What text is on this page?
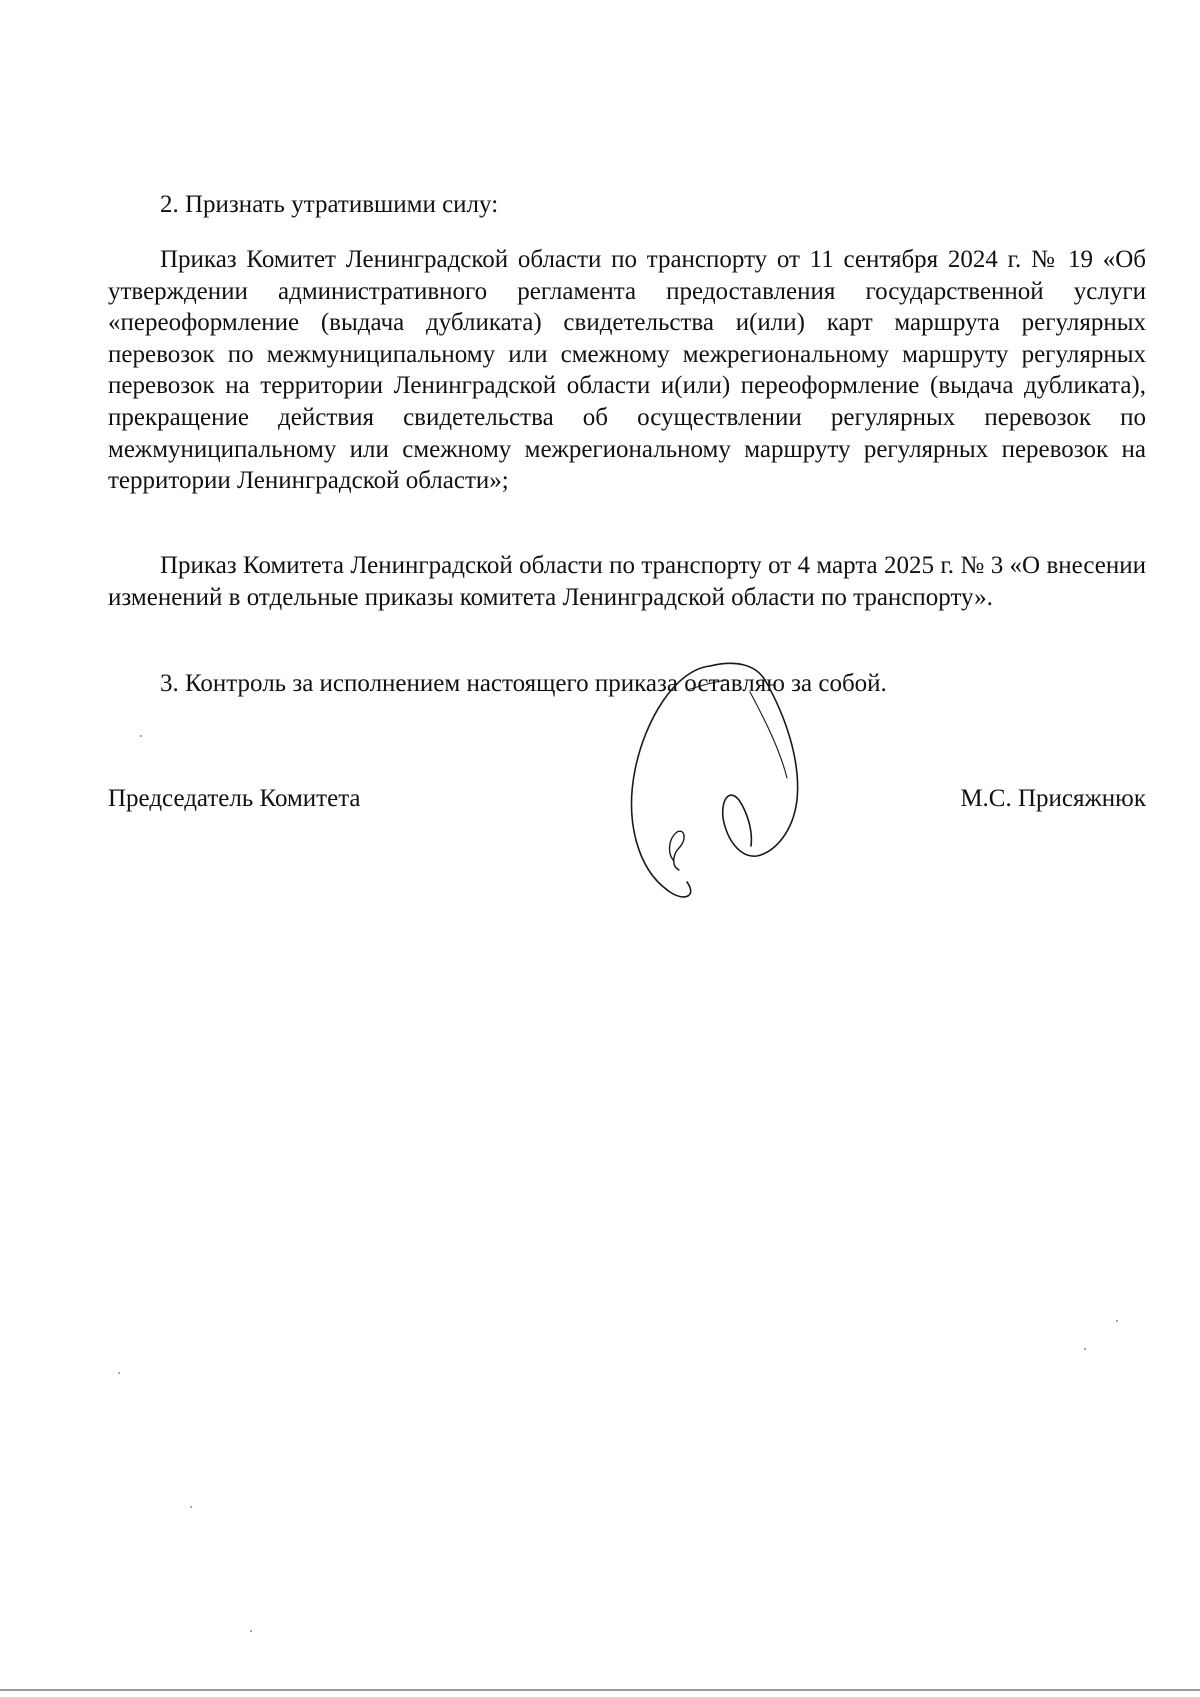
2. Признать утратившими силу:

Приказ Комитет Ленинградской области по транспорту от 11 сентября 2024 г. № 19 «Об утверждении административного регламента предоставления государственной услуги «переоформление (выдача дубликата) свидетельства и(или) карт маршрута регулярных перевозок по межмуниципальному или смежному межрегиональному маршруту регулярных перевозок на территории Ленинградской области и(или) переоформление (выдача дубликата), прекращение действия свидетельства об осуществлении регулярных перевозок по межмуниципальному или смежному межрегиональному маршруту регулярных перевозок на территории Ленинградской области»;

Приказ Комитета Ленинградской области по транспорту от 4 марта 2025 г. № 3 «О внесении изменений в отдельные приказы комитета Ленинградской области по транспорту».

3. Контроль за исполнением настоящего приказа оставляю за собой.

Председатель Комитета	М.С. Присяжнюк
